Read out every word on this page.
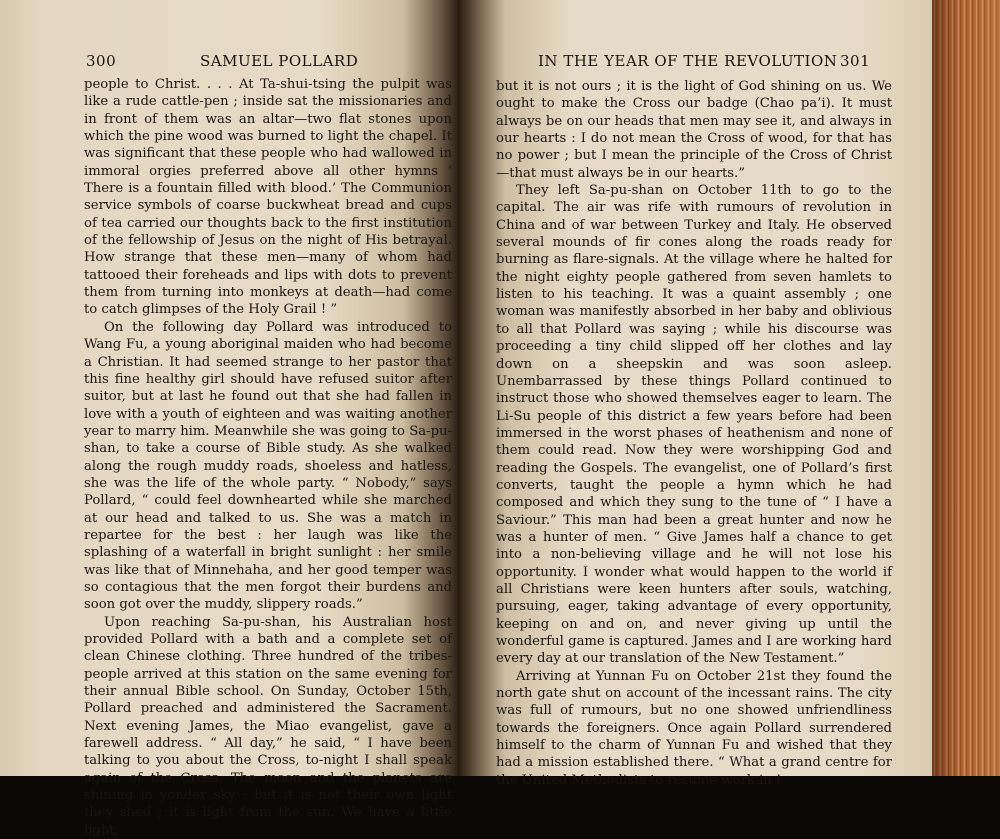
300	SAMUEL POLLARD

people to Christ. . . . At Ta-shui-tsing the pulpit was like a rude cattle-pen ; inside sat the missionaries and in front of them was an altar—two flat stones upon which the pine wood was burned to light the chapel. It was significant that these people who had wallowed in immoral orgies preferred above all other hymns ‘ There is a fountain filled with blood.’ The Communion service symbols of coarse buckwheat bread and cups of tea carried our thoughts back to the first institution of the fellowship of Jesus on the night of His betrayal. How strange that these men—many of whom had tattooed their foreheads and lips with dots to prevent them from turning into monkeys at death—had come to catch glimpses of the Holy Grail ! ”

On the following day Pollard was introduced to Wang Fu, a young aboriginal maiden who had become a Christian. It had seemed strange to her pastor that this fine healthy girl should have refused suitor after suitor, but at last he found out that she had fallen in love with a youth of eighteen and was waiting another year to marry him. Meanwhile she was going to Sa-pu-shan, to take a course of Bible study. As she walked along the rough muddy roads, shoeless and hatless, she was the life of the whole party. “ Nobody,” says Pollard, “ could feel downhearted while she marched at our head and talked to us. She was a match in repartee for the best : her laugh was like the splashing of a waterfall in bright sunlight : her smile was like that of Minnehaha, and her good temper was so contagious that the men forgot their burdens and soon got over the muddy, slippery roads.”

Upon reaching Sa-pu-shan, his Australian host provided Pollard with a bath and a complete set of clean Chinese clothing. Three hundred of the tribes-people arrived at this station on the same evening for their annual Bible school. On Sunday, October 15th, Pollard preached and administered the Sacrament. Next evening James, the Miao evangelist, gave a farewell address. “ All day,” he said, “ I have been talking to you about the Cross, to-night I shall speak again of the Cross. The moon and the planets are shining in yonder sky ; but it is not their own light they shed ; it is light from the sun. We have a little light,

IN THE YEAR OF THE REVOLUTION 301

but it is not ours ; it is the light of God shining on us. We ought to make the Cross our badge (Chao pa’i). It must always be on our heads that men may see it, and always in our hearts : I do not mean the Cross of wood, for that has no power ; but I mean the principle of the Cross of Christ—that must always be in our hearts.”

They left Sa-pu-shan on October 11th to go to the capital. The air was rife with rumours of revolution in China and of war between Turkey and Italy. He observed several mounds of fir cones along the roads ready for burning as flare-signals. At the village where he halted for the night eighty people gathered from seven hamlets to listen to his teaching. It was a quaint assembly ; one woman was manifestly absorbed in her baby and oblivious to all that Pollard was saying ; while his discourse was proceeding a tiny child slipped off her clothes and lay down on a sheepskin and was soon asleep. Unembarrassed by these things Pollard continued to instruct those who showed themselves eager to learn. The Li-Su people of this district a few years before had been immersed in the worst phases of heathenism and none of them could read. Now they were worshipping God and reading the Gospels. The evangelist, one of Pollard’s first converts, taught the people a hymn which he had composed and which they sung to the tune of “ I have a Saviour.” This man had been a great hunter and now he was a hunter of men. “ Give James half a chance to get into a non-believing village and he will not lose his opportunity. I wonder what would happen to the world if all Christians were keen hunters after souls, watching, pursuing, eager, taking advantage of every opportunity, keeping on and on, and never giving up until the wonderful game is captured. James and I are working hard every day at our translation of the New Testament.”

Arriving at Yunnan Fu on October 21st they found the north gate shut on account of the incessant rains. The city was full of rumours, but no one showed unfriendliness towards the foreigners. Once again Pollard surrendered himself to the charm of Yunnan Fu and wished that they had a mission established there. “ What a grand centre for the United Methodists to resume work in !
